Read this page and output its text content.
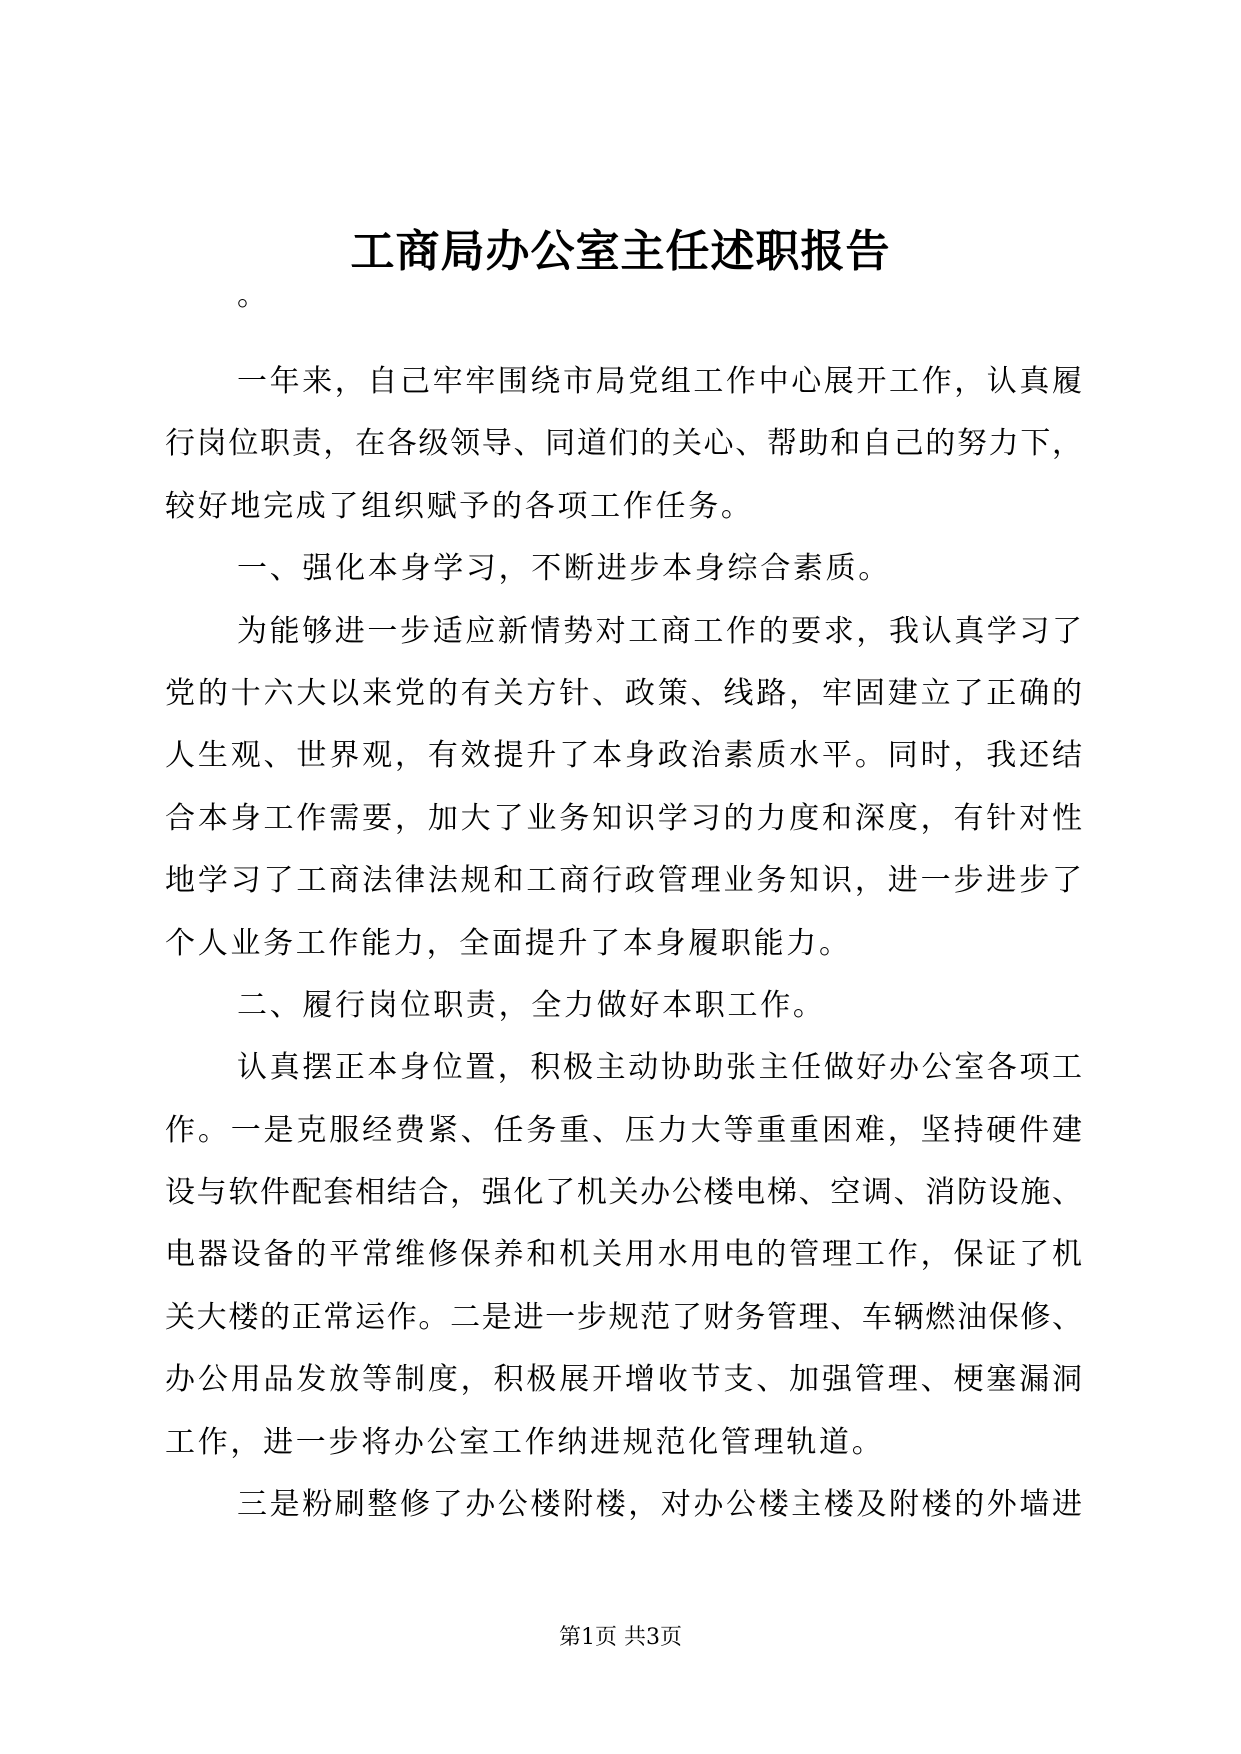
工商局办公室主任述职报告
。
一年来，自己牢牢围绕市局党组工作中心展开工作，认真履
行岗位职责，在各级领导、同道们的关心、帮助和自己的努力下，
较好地完成了组织赋予的各项工作任务。
一、强化本身学习，不断进步本身综合素质。
为能够进一步适应新情势对工商工作的要求，我认真学习了
党的十六大以来党的有关方针、政策、线路，牢固建立了正确的
人生观、世界观，有效提升了本身政治素质水平。同时，我还结
合本身工作需要，加大了业务知识学习的力度和深度，有针对性
地学习了工商法律法规和工商行政管理业务知识，进一步进步了
个人业务工作能力，全面提升了本身履职能力。
二、履行岗位职责，全力做好本职工作。
认真摆正本身位置，积极主动协助张主任做好办公室各项工
作。一是克服经费紧、任务重、压力大等重重困难，坚持硬件建
设与软件配套相结合，强化了机关办公楼电梯、空调、消防设施、
电器设备的平常维修保养和机关用水用电的管理工作，保证了机
关大楼的正常运作。二是进一步规范了财务管理、车辆燃油保修、
办公用品发放等制度，积极展开增收节支、加强管理、梗塞漏洞
工作，进一步将办公室工作纳进规范化管理轨道。
三是粉刷整修了办公楼附楼，对办公楼主楼及附楼的外墙进
第1页 共3页
